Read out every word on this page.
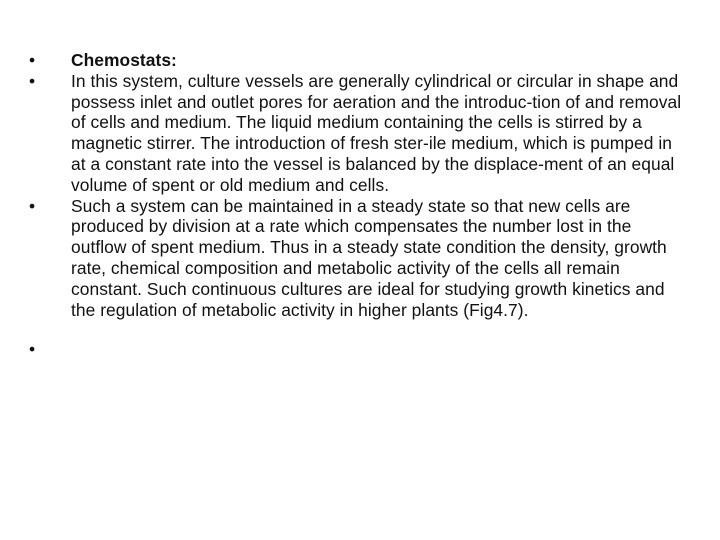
•	Chemostats:
•	In this system, culture vessels are generally cylindrical or circular in shape and possess inlet and outlet pores for aeration and the introduc-tion of and removal of cells and medium. The liquid medium containing the cells is stirred by a magnetic stirrer. The introduction of fresh ster-ile medium, which is pumped in at a constant rate into the vessel is balanced by the displace-ment of an equal volume of spent or old medium and cells.
•	Such a system can be maintained in a steady state so that new cells are produced by division at a rate which compensates the number lost in the outflow of spent medium. Thus in a steady state condition the density, growth rate, chemical composition and metabolic activity of the cells all remain constant. Such continuous cultures are ideal for studying growth kinetics and the regulation of metabolic activity in higher plants (Fig4.7).
•
